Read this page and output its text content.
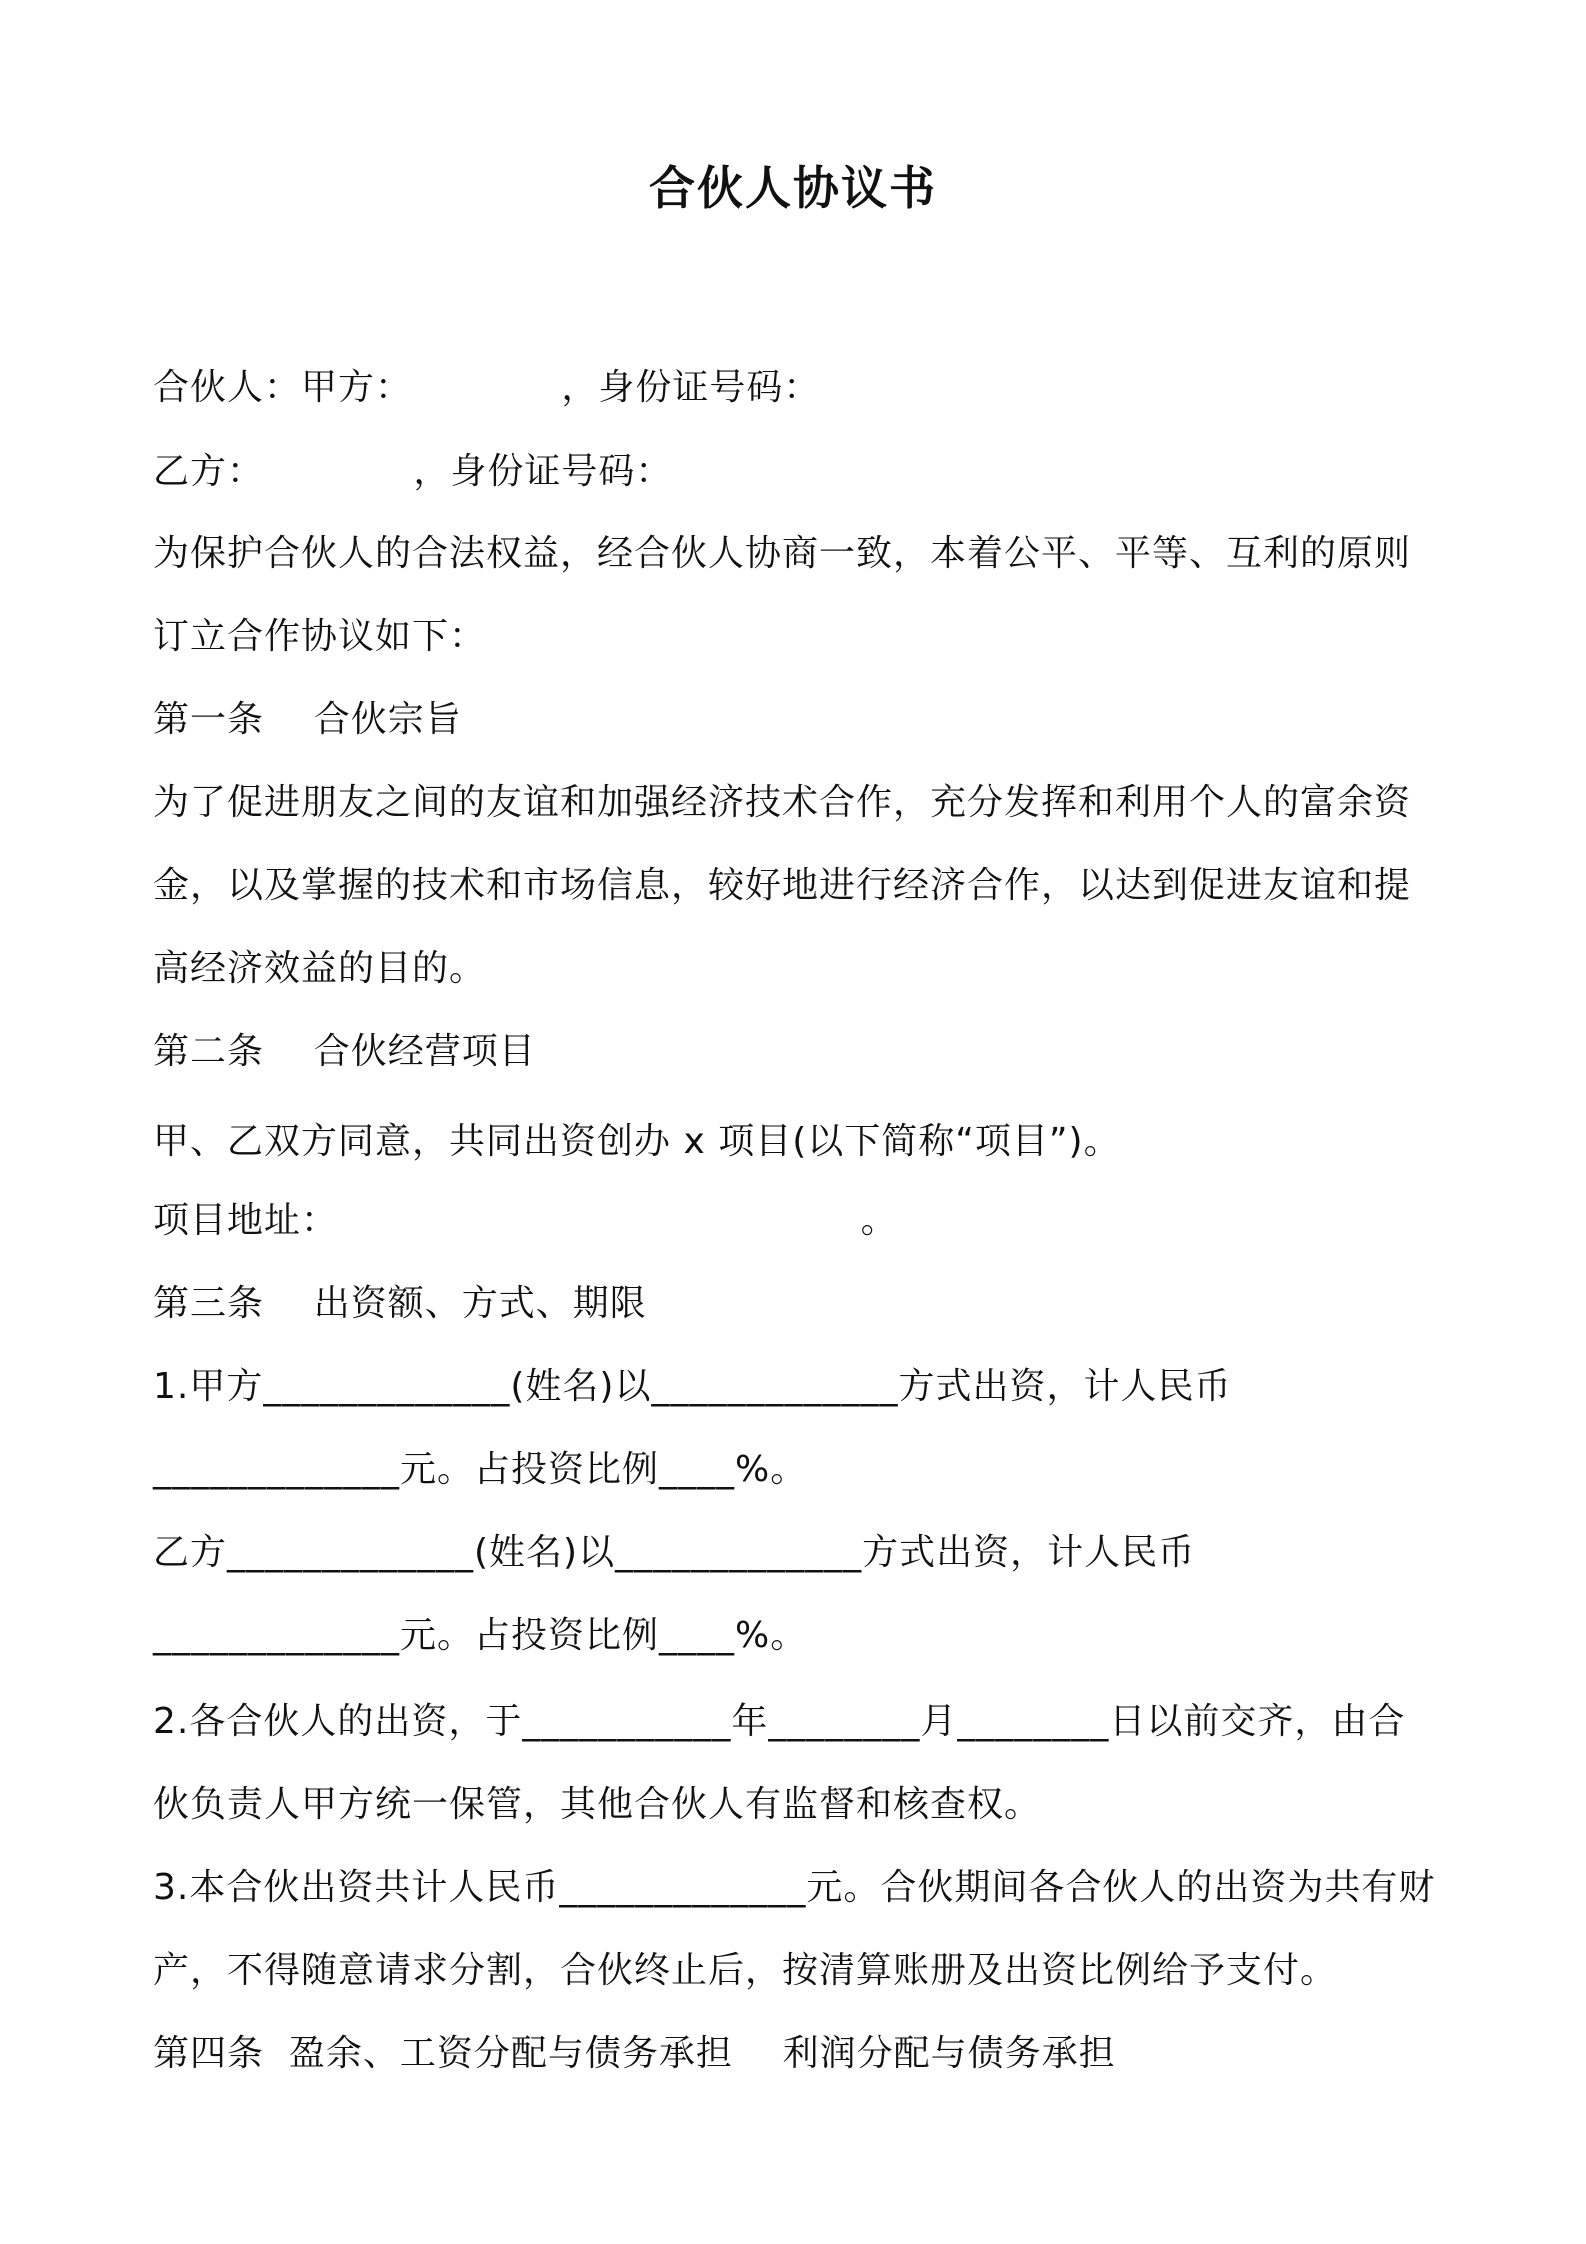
合伙人协议书
合伙人：甲方：            ，身份证号码：
乙方：            ，身份证号码：
为保护合伙人的合法权益，经合伙人协商一致，本着公平、平等、互利的原则
订立合作协议如下：
第一条    合伙宗旨
为了促进朋友之间的友谊和加强经济技术合作，充分发挥和利用个人的富余资
金，以及掌握的技术和市场信息，较好地进行经济合作，以达到促进友谊和提
高经济效益的目的。
第二条    合伙经营项目
甲、乙双方同意，共同出资创办 x 项目(以下简称“项目”)。
项目地址：                                          。
第三条    出资额、方式、期限
1.甲方_____________(姓名)以_____________方式出资，计人民币
_____________元。占投资比例____%。
乙方_____________(姓名)以_____________方式出资，计人民币
_____________元。占投资比例____%。
2.各合伙人的出资，于___________年________月________日以前交齐，由合
伙负责人甲方统一保管，其他合伙人有监督和核查权。
3.本合伙出资共计人民币_____________元。合伙期间各合伙人的出资为共有财
产，不得随意请求分割，合伙终止后，按清算账册及出资比例给予支付。
第四条  盈余、工资分配与债务承担    利润分配与债务承担
